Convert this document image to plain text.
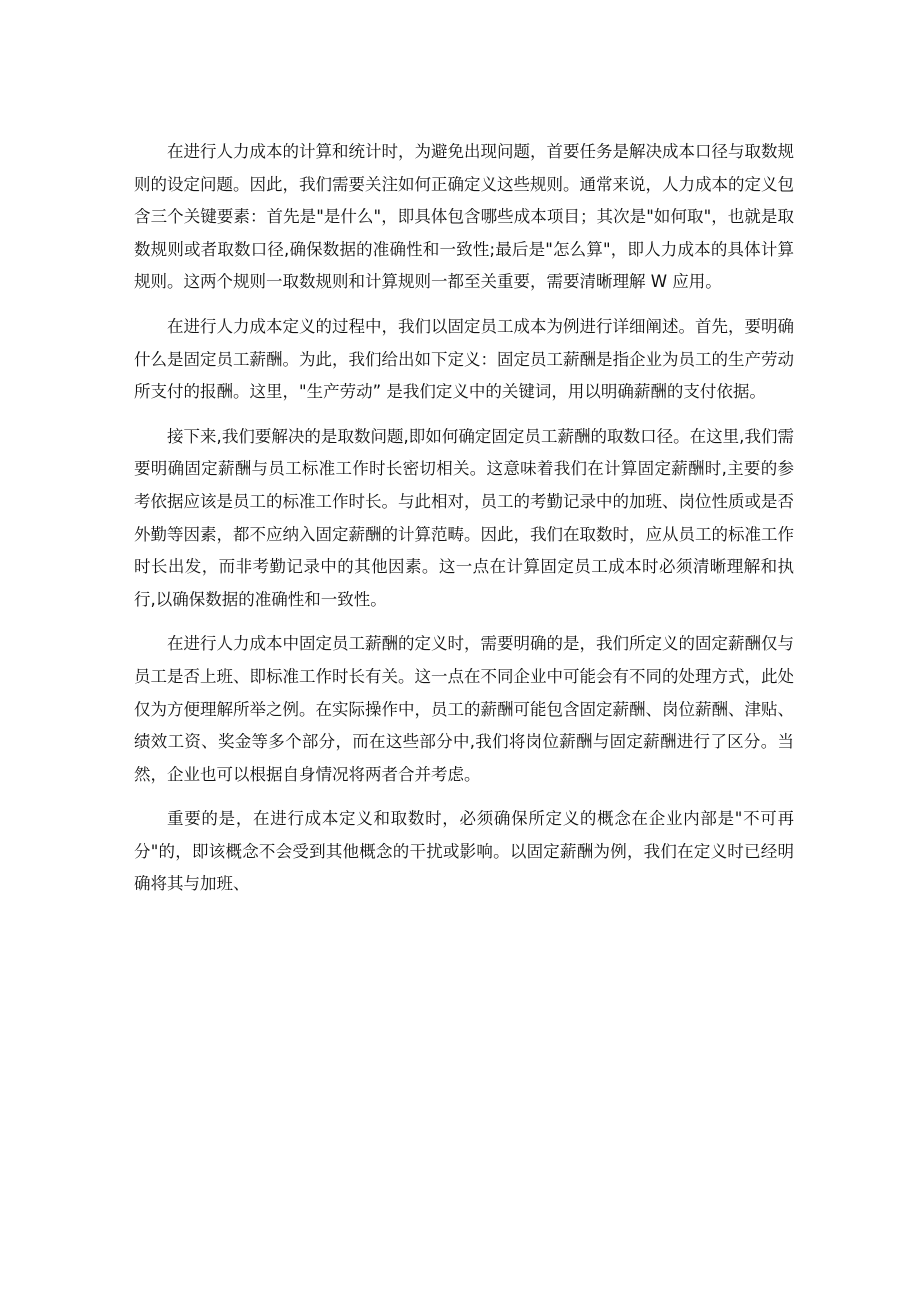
在进行人力成本的计算和统计时，为避免出现问题，首要任务是解决成本口径与取数规则的设定问题。因此，我们需要关注如何正确定义这些规则。通常来说，人力成本的定义包含三个关键要素：首先是"是什么"，即具体包含哪些成本项目；其次是"如何取"，也就是取数规则或者取数口径,确保数据的准确性和一致性;最后是"怎么算"，即人力成本的具体计算规则。这两个规则一取数规则和计算规则一都至关重要，需要清晰理解 W 应用。

在进行人力成本定义的过程中，我们以固定员工成本为例进行详细阐述。首先，要明确什么是固定员工薪酬。为此，我们给出如下定义：固定员工薪酬是指企业为员工的生产劳动所支付的报酬。这里，"生产劳动” 是我们定义中的关键词，用以明确薪酬的支付依据。

接下来,我们要解决的是取数问题,即如何确定固定员工薪酬的取数口径。在这里,我们需要明确固定薪酬与员工标准工作时长密切相关。这意味着我们在计算固定薪酬时,主要的参考依据应该是员工的标准工作时长。与此相对，员工的考勤记录中的加班、岗位性质或是否外勤等因素，都不应纳入固定薪酬的计算范畴。因此，我们在取数时，应从员工的标准工作时长出发，而非考勤记录中的其他因素。这一点在计算固定员工成本时必须清晰理解和执行,以确保数据的准确性和一致性。

在进行人力成本中固定员工薪酬的定义时，需要明确的是，我们所定义的固定薪酬仅与员工是否上班、即标准工作时长有关。这一点在不同企业中可能会有不同的处理方式，此处仅为方便理解所举之例。在实际操作中，员工的薪酬可能包含固定薪酬、岗位薪酬、津贴、绩效工资、奖金等多个部分，而在这些部分中,我们将岗位薪酬与固定薪酬进行了区分。当然，企业也可以根据自身情况将两者合并考虑。

重要的是，在进行成本定义和取数时，必须确保所定义的概念在企业内部是"不可再分"的，即该概念不会受到其他概念的干扰或影响。以固定薪酬为例，我们在定义时已经明确将其与加班、
